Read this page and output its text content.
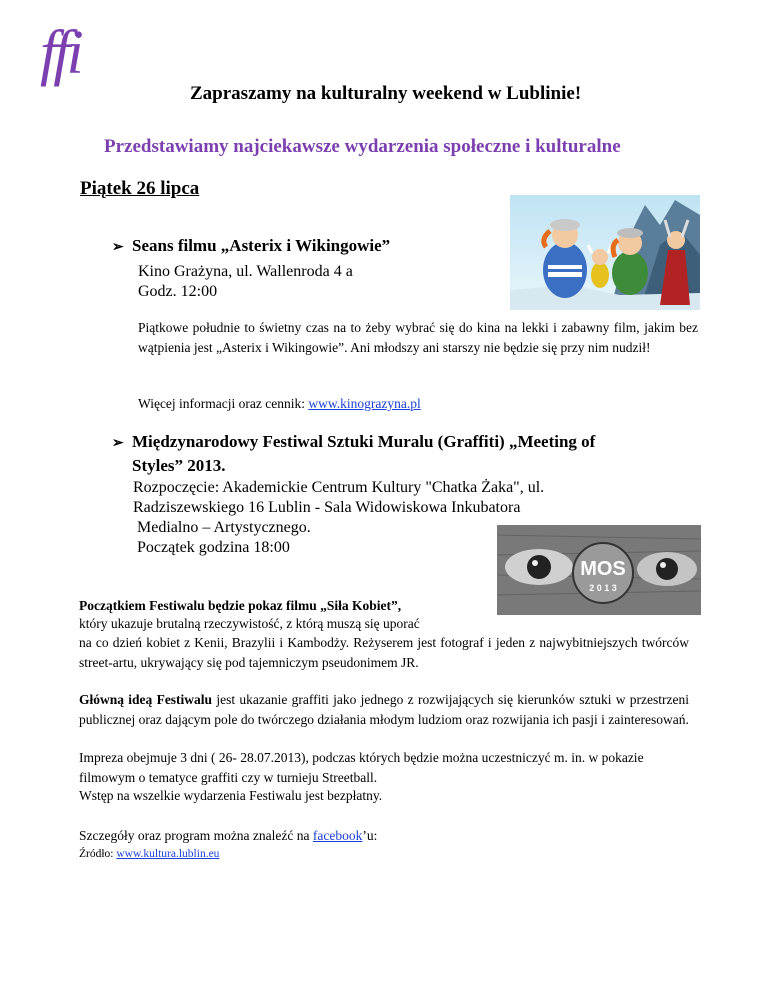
ffi
Zapraszamy na kulturalny weekend w Lublinie!
Przedstawiamy najciekawsze wydarzenia społeczne i kulturalne
Piątek 26 lipca
➢ Seans filmu „Asterix i Wikingowie”
Kino Grażyna, ul. Wallenroda 4 a
Godz. 12:00
Piątkowe południe to świetny czas na to żeby wybrać się do kina na lekki i zabawny film, jakim bez wątpienia jest „Asterix i Wikingowie”. Ani młodszy ani starszy nie będzie się przy nim nudził!
Więcej informacji oraz cennik: www.kinograzyna.pl
➢ Międzynarodowy Festiwal Sztuki Muralu (Graffiti) „Meeting of
Styles” 2013.
Rozpoczęcie: Akademickie Centrum Kultury "Chatka Żaka", ul.
Radziszewskiego 16 Lublin - Sala Widowiskowa Inkubatora
Medialno – Artystycznego.
Początek godzina 18:00
MOS
2 0 1 3
Początkiem Festiwalu będzie pokaz filmu „Siła Kobiet”,
który ukazuje brutalną rzeczywistość, z którą muszą się uporać
na co dzień kobiet z Kenii, Brazylii i Kambodży. Reżyserem jest fotograf i jeden z najwybitniejszych twórców street-artu, ukrywający się pod tajemniczym pseudonimem JR.
Główną ideą Festiwalu jest ukazanie graffiti jako jednego z rozwijających się kierunków sztuki w przestrzeni publicznej oraz dającym pole do twórczego działania młodym ludziom oraz rozwijania ich pasji i zainteresowań.
Impreza obejmuje 3 dni ( 26- 28.07.2013), podczas których będzie można uczestniczyć m. in. w pokazie filmowym o tematyce graffiti czy w turnieju Streetball.
Wstęp na wszelkie wydarzenia Festiwalu jest bezpłatny.
Szczegóły oraz program można znaleźć na facebook’u:
Źródło: www.kultura.lublin.eu
